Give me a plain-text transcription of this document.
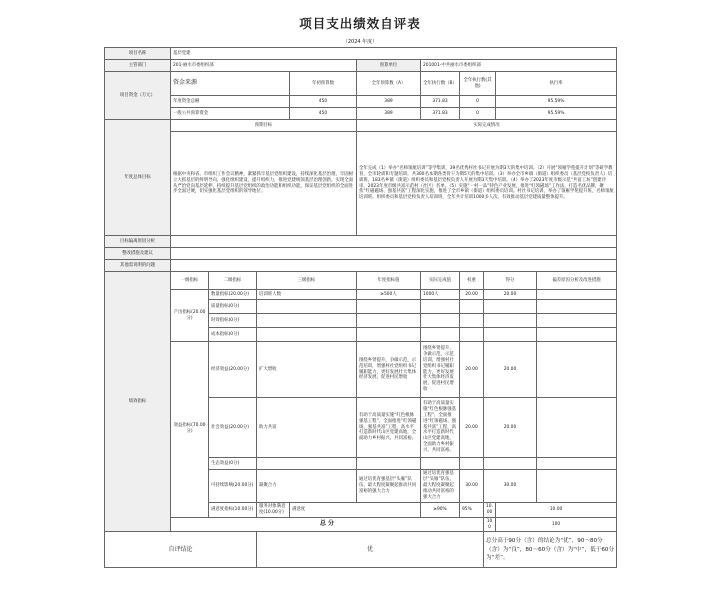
项目支出绩效自评表
（2024 年度）
项目名称	基层党建										
主管部门	201-丽水市委组织部				预算单位	201001-中共丽水市委组织部					
项目资金（万元）	资金来源			年初预算数	全年预算数（A）	全年执行数（B）	全年执行数(其他)		执行率		
	年度资金总额			450	389	371.83	0		95.59%		
	一般公共预算资金			450	389	371.83	0		95.59%		
年度总体目标	预期目标				实际完成情况						
	根据中央和省、市组织工作会议精神，紧紧抓牢基层党组织建设，持续深化基层治理，牢固树立大抓基层的鲜明导向，强化组织建设，提升组织力，推进党建统领基层治理创新，实现全面从严治党向基层延伸，持续提升基层党组织的政治功能和组织功能，保证基层党组织的全面进步全面过硬，切实强化基层党组织的领导地位。				全年完成（1）举办“名师领航培训”等学集训，39名优秀村社书记开展为期3天的集中培训。（2）开展“领雁学苑提升计划”等研学教育，全市轮训和专题培训，共300名本期各类骨干为期5天的集中培训。（3）举办全市乡镇（街道）组织委员（基层党校负责人）培训班，183名乡镇（街道）组织委员和基层党校负责人开展为期3天集中培训。（4）举办了2023年度市级示范“共富工坊”创建评审，2023年度市级共富示范村（社区）名单。（5）实施“一村一品”特色产业发展，推进“红领磁场”工作法，打造名优品牌，聚焦“红磁磁场、强基共富”工程深化实施，推进了全市乡镇（街道）组织委员培训。村社书记培训，举办了领雁学苑提升班，名师领航培训班。组织委员和基层党校负责人培训班，全年共计培训1000多人次，有效推动基层党建质量整体提升。						
目标偏离原因分析											
整改措施及建议											
其他需说明的问题											
绩效指标	一级指标	二级指标	三级指标		年度指标值	实际完成值	权重	得分		偏差原因分析及改进措施	
	产出指标(20.00分)	数量指标(20.00分)	培训班人数		≥500人	1000人	20.00	20.00			
		质量指标(0分)									
		时效指标(0分)									
		成本指标(0分)									
	效益指标(70.00分)	经济效益(20.00分)	扩大增收		围绕乡贤提升，争做示范，示范培训，增强村社党组织书记履职能力，更好发展壮大集体经济发展，促进村民增收	围绕乡贤提升，争做示范，示范培训，增强村社党组织书记履职能力，更好发展壮大集体经济发展，促进村民增收	20.00	20.00			
		社会效益(20.00分)	助力共富		有助于高质量实施“红色根脉强基工程”，全面推进“红领磁场、强基共富”工程，高水平打造新时代山区党建高地，全面助力乡村振兴、共同富裕。	有助于高质量实施“红色根脉强基工程”，全面推进“红领磁场、强基共富”工程，高水平打造新时代山区党建高地，全面助力乡村振兴、共同富裕。	20.00	20.00			
		生态效益(0分)									
		可持续影响(20.00分)	凝聚合力		通过培优育强基层“头雁”队伍，最大程度凝聚起推动共同富裕的强大合力	通过培优育强基层“头雁”队伍，最大程度凝聚起推动共同富裕的强大合力	30.00	30.00			
		满意度指标(10.00分)	服务对象满意度(10.00分)	满意度		≥90%	95%	10.00	10.00		
	总 分							100	100		
自评结论			优					总分高于90分（含）的结论为“优”，90～80分（含）为“良”，80～60分（含）为“中”，低于60分为“差”。			
